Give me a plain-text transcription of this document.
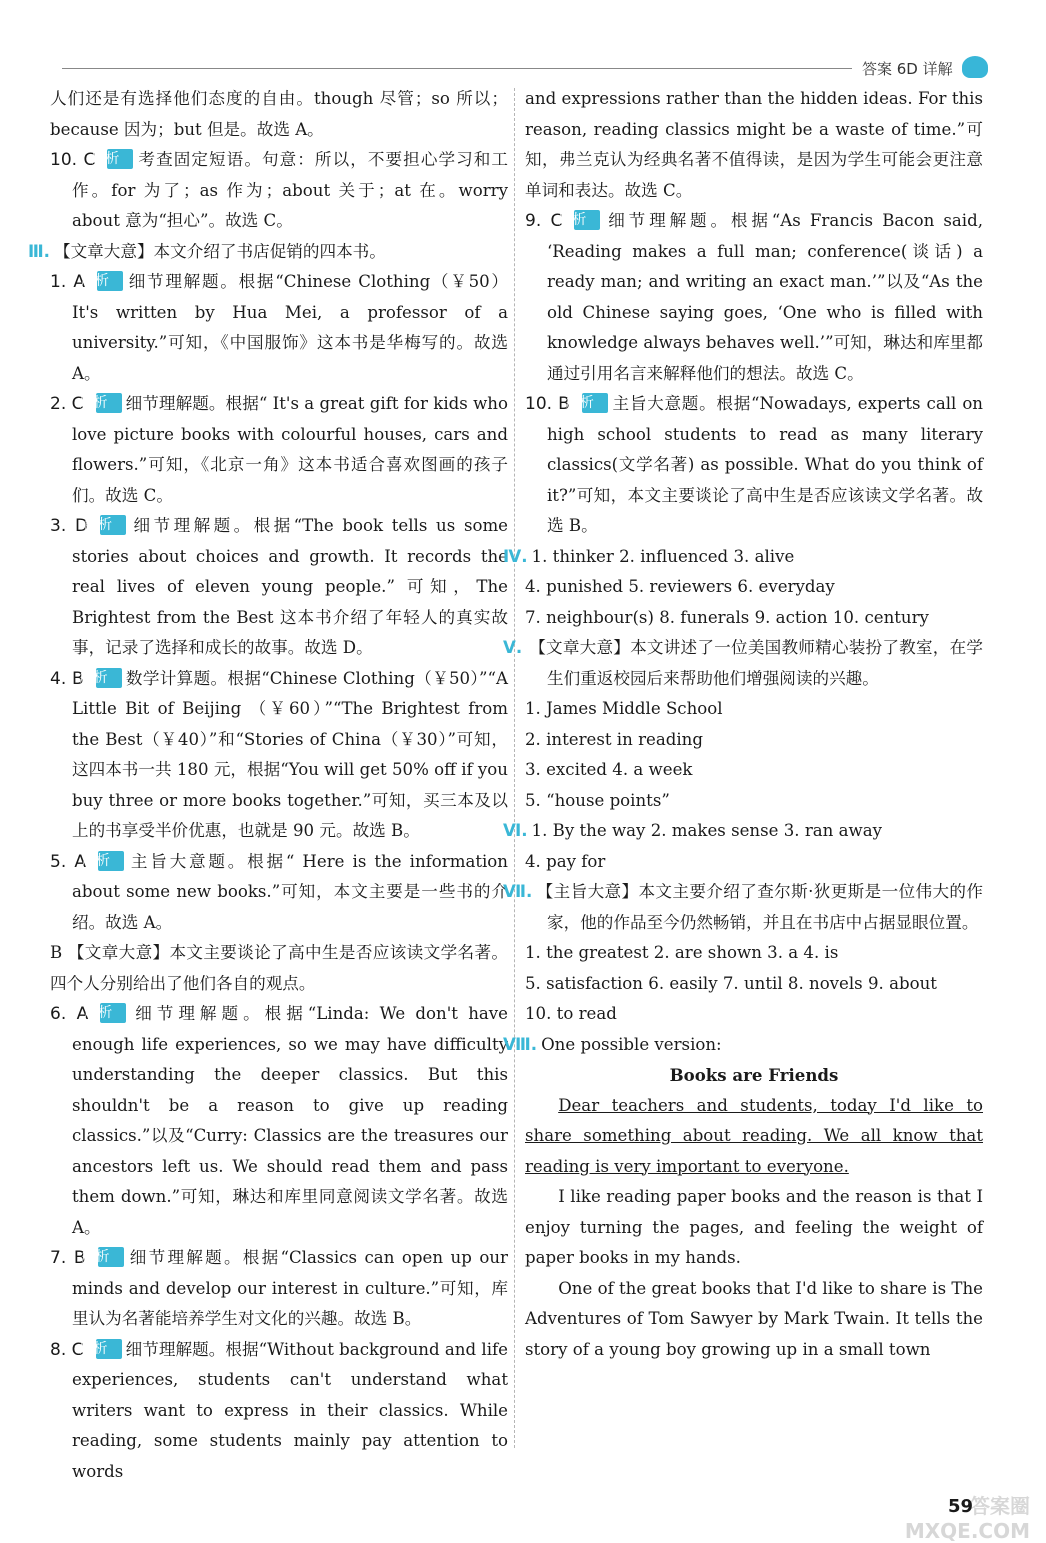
答案 6D 详解

人们还是有选择他们态度的自由。though 尽管；so 所以；because 因为；but 但是。故选 A。

10. C解析 考查固定短语。句意：所以，不要担心学习和工作。for 为了；as 作为；about 关于；at 在。worry about 意为“担心”。故选 C。

Ⅲ. 【文章大意】本文介绍了书店促销的四本书。

1. A解析 细节理解题。根据“Chinese Clothing（￥50）It's written by Hua Mei, a professor of a university.”可知，《中国服饰》这本书是华梅写的。故选 A。

2. C解析 细节理解题。根据“ It's a great gift for kids who love picture books with colourful houses, cars and flowers.”可知，《北京一角》这本书适合喜欢图画的孩子们。故选 C。

3. D解析 细节理解题。根据“The book tells us some stories about choices and growth. It records the real lives of eleven young people.” 可知，The Brightest from the Best 这本书介绍了年轻人的真实故事，记录了选择和成长的故事。故选 D。

4. B解析 数学计算题。根据“Chinese Clothing（￥50）”“A Little Bit of Beijing （￥60）”“The Brightest from the Best（￥40）”和“Stories of China（￥30）”可知，这四本书一共 180 元，根据“You will get 50% off if you buy three or more books together.”可知，买三本及以上的书享受半价优惠，也就是 90 元。故选 B。

5. A解析 主旨大意题。根据“ Here is the information about some new books.”可知，本文主要是一些书的介绍。故选 A。

B 【文章大意】本文主要谈论了高中生是否应该读文学名著。四个人分别给出了他们各自的观点。

6. A解析 细节理解题。根据“Linda: We don't have enough life experiences, so we may have difficulty understanding the deeper classics. But this shouldn't be a reason to give up reading classics.”以及“Curry: Classics are the treasures our ancestors left us. We should read them and pass them down.”可知，琳达和库里同意阅读文学名著。故选 A。

7. B解析 细节理解题。根据“Classics can open up our minds and develop our interest in culture.”可知，库里认为名著能培养学生对文化的兴趣。故选 B。

8. C解析 细节理解题。根据“Without background and life experiences, students can't understand what writers want to express in their classics. While reading, some students mainly pay attention to words

and expressions rather than the hidden ideas. For this reason, reading classics might be a waste of time.”可知，弗兰克认为经典名著不值得读，是因为学生可能会更注意单词和表达。故选 C。

9. C解析 细节理解题。根据“As Francis Bacon said, ‘Reading makes a full man; conference(谈话) a ready man; and writing an exact man.’”以及“As the old Chinese saying goes, ‘One who is filled with knowledge always behaves well.’”可知，琳达和库里都通过引用名言来解释他们的想法。故选 C。

10. B解析 主旨大意题。根据“Nowadays, experts call on high school students to read as many literary classics(文学名著) as possible. What do you think of it?”可知，本文主要谈论了高中生是否应该读文学名著。故选 B。

Ⅳ. 1. thinker 2. influenced 3. alive

4. punished 5. reviewers 6. everyday

7. neighbour(s) 8. funerals 9. action 10. century

Ⅴ. 【文章大意】本文讲述了一位美国教师精心装扮了教室，在学生们重返校园后来帮助他们增强阅读的兴趣。

1. James Middle School

2. interest in reading

3. excited 4. a week

5. “house points”

Ⅵ. 1. By the way 2. makes sense 3. ran away

4. pay for

Ⅶ. 【主旨大意】本文主要介绍了查尔斯·狄更斯是一位伟大的作家，他的作品至今仍然畅销，并且在书店中占据显眼位置。

1. the greatest 2. are shown 3. a 4. is

5. satisfaction 6. easily 7. until 8. novels 9. about

10. to read

Ⅷ. One possible version:

Books are Friends

Dear teachers and students, today I'd like to share something about reading. We all know that reading is very important to everyone.

I like reading paper books and the reason is that I enjoy turning the pages, and feeling the weight of paper books in my hands.

One of the great books that I'd like to share is The Adventures of Tom Sawyer by Mark Twain. It tells the story of a young boy growing up in a small town

答案圈 MXQE.COM
59
